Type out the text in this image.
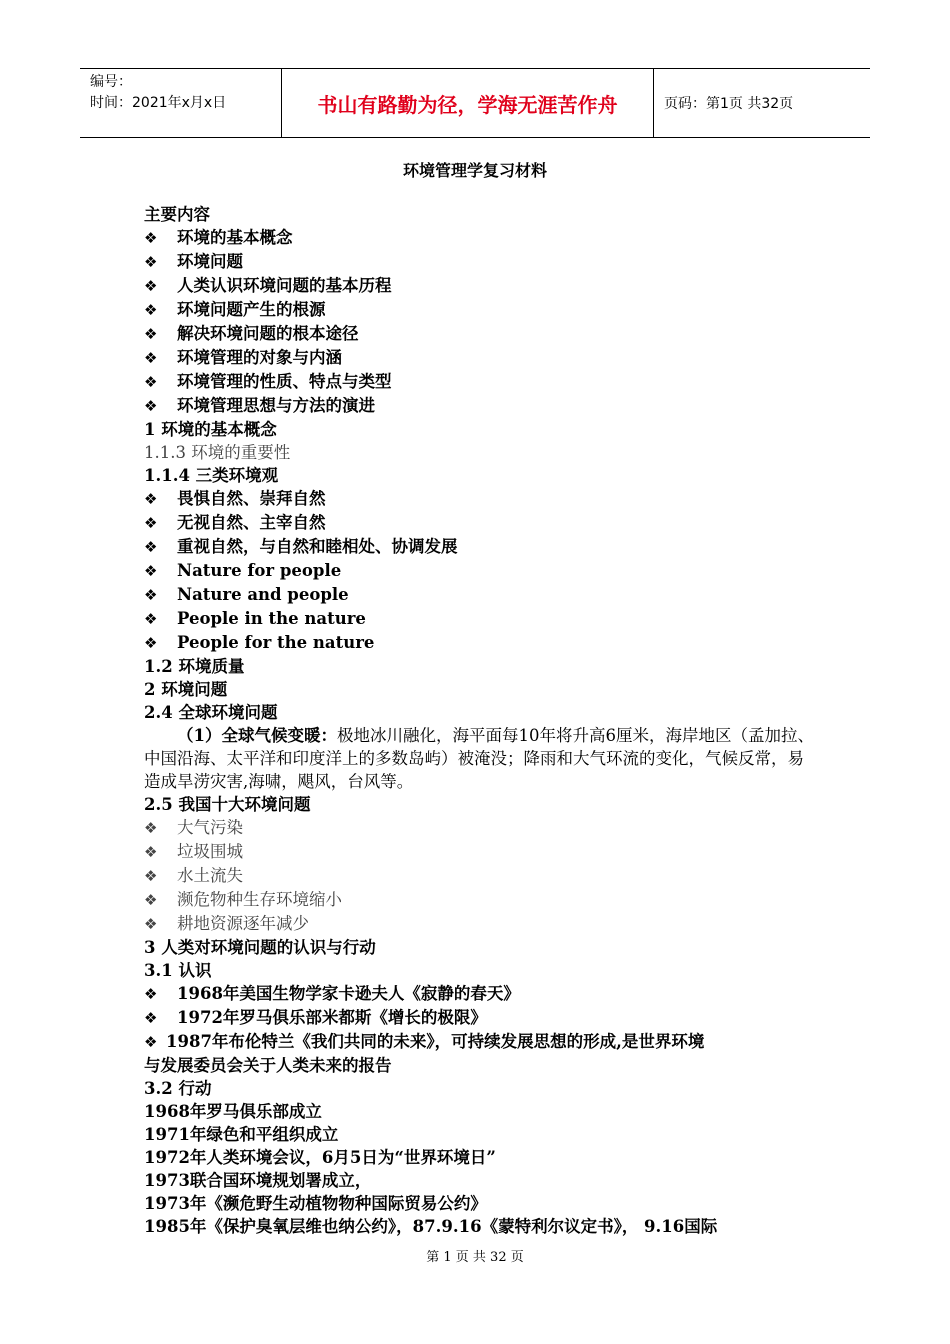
编号：
时间：2021年x月x日	书山有路勤为径，学海无涯苦作舟	页码：第1页 共32页
环境管理学复习材料
主要内容
❖ 环境的基本概念
❖ 环境问题
❖ 人类认识环境问题的基本历程
❖ 环境问题产生的根源
❖ 解决环境问题的根本途径
❖ 环境管理的对象与内涵
❖ 环境管理的性质、特点与类型
❖ 环境管理思想与方法的演进
1 环境的基本概念
1.1.3 环境的重要性
1.1.4 三类环境观
❖ 畏惧自然、崇拜自然
❖ 无视自然、主宰自然
❖ 重视自然，与自然和睦相处、协调发展
❖ Nature for people
❖ Nature and people
❖ People in the nature
❖ People for the nature
1.2 环境质量
2 环境问题
2.4 全球环境问题
（1）全球气候变暖：极地冰川融化，海平面每10年将升高6厘米，海岸地区（孟加拉、中国沿海、太平洋和印度洋上的多数岛屿）被淹没；降雨和大气环流的变化，气候反常，易造成旱涝灾害,海啸，飓风，台风等。
2.5 我国十大环境问题
❖ 大气污染
❖ 垃圾围城
❖ 水土流失
❖ 濒危物种生存环境缩小
❖ 耕地资源逐年减少
3 人类对环境问题的认识与行动
3.1 认识
❖ 1968年美国生物学家卡逊夫人《寂静的春天》
❖ 1972年罗马俱乐部米都斯《增长的极限》
❖ 1987年布伦特兰《我们共同的未来》，可持续发展思想的形成,是世界环境
与发展委员会关于人类未来的报告
3.2 行动
1968年罗马俱乐部成立
1971年绿色和平组织成立
1972年人类环境会议，6月5日为“世界环境日”
1973联合国环境规划署成立，
1973年《濒危野生动植物物种国际贸易公约》
1985年《保护臭氧层维也纳公约》，87.9.16《蒙特利尔议定书》， 9.16国际
第 1 页 共 32 页
